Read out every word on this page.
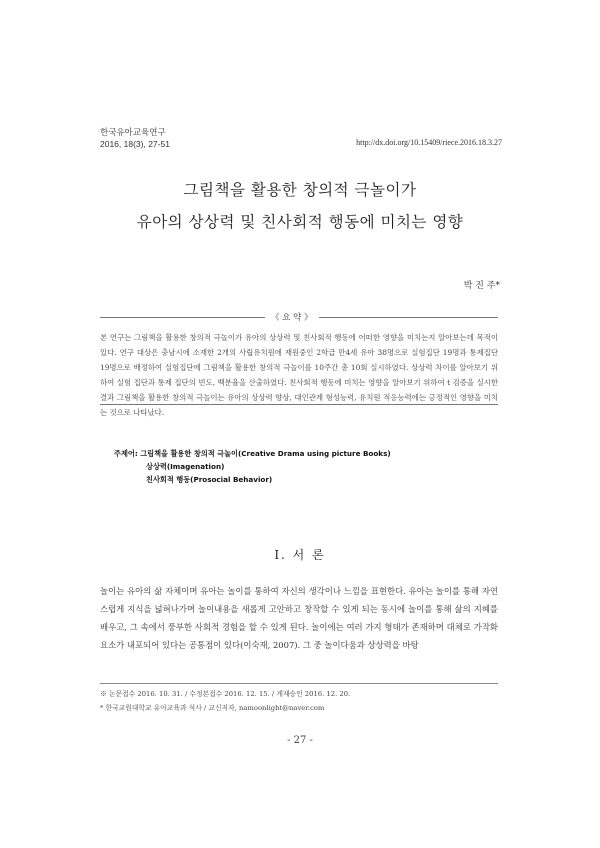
한국유아교육연구
2016, 18(3), 27-51	http://dx.doi.org/10.15409/riece.2016.18.3.27
그림책을 활용한 창의적 극놀이가
유아의 상상력 및 친사회적 행동에 미치는 영향
박 진 주*
《 요 약 》
본 연구는 그림책을 활용한 창의적 극놀이가 유아의 상상력 및 친사회적 행동에 어떠한 영향을 미치는지 알아보는데 목적이 있다. 연구 대상은 충남시에 소재한 2개의 사립유치원에 재원중인 2학급 만4세 유아 38명으로 실험집단 19명과 통제집단 19명으로 배정하여 실험집단에 그림책을 활용한 창의적 극놀이를 10주간 총 10회 실시하였다. 상상력 차이를 알아보기 위하여 실험 집단과 통제 집단의 빈도, 백분율을 산출하였다. 친사회적 행동에 미치는 영향을 알아보기 위하여 t 검증을 실시한 결과 그림책을 활용한 창의적 극놀이는 유아의 상상력 향상, 대인관계 형성능력, 유치원 적응능력에는 긍정적인 영향을 미치는 것으로 나타났다.
주제어: 그림책을 활용한 창의적 극놀이(Creative Drama using picture Books)
상상력(Imagenation)
친사회적 행동(Prosocial Behavior)
Ⅰ. 서 론
놀이는 유아의 삶 자체이며 유아는 놀이를 통하여 자신의 생각이나 느낌을 표현한다. 유아는 놀이를 통해 자연스럽게 지식을 넓혀나가며 놀이내용을 새롭게 고안하고 창작할 수 있게 되는 동시에 놀이를 통해 삶의 지혜를 배우고, 그 속에서 풍부한 사회적 경험을 할 수 있게 된다. 놀이에는 여러 가지 형태가 존재하며 대체로 가작화요소가 내포되어 있다는 공통점이 있다(이숙재, 2007). 그 중 놀이다움과 상상력을 바탕
※ 논문접수 2016. 10. 31. / 수정본접수 2016. 12. 15. / 게재승인 2016. 12. 20.
* 한국교원대학교 유아교육과 석사 / 교신저자, namoonlight@naver.com
- 27 -
